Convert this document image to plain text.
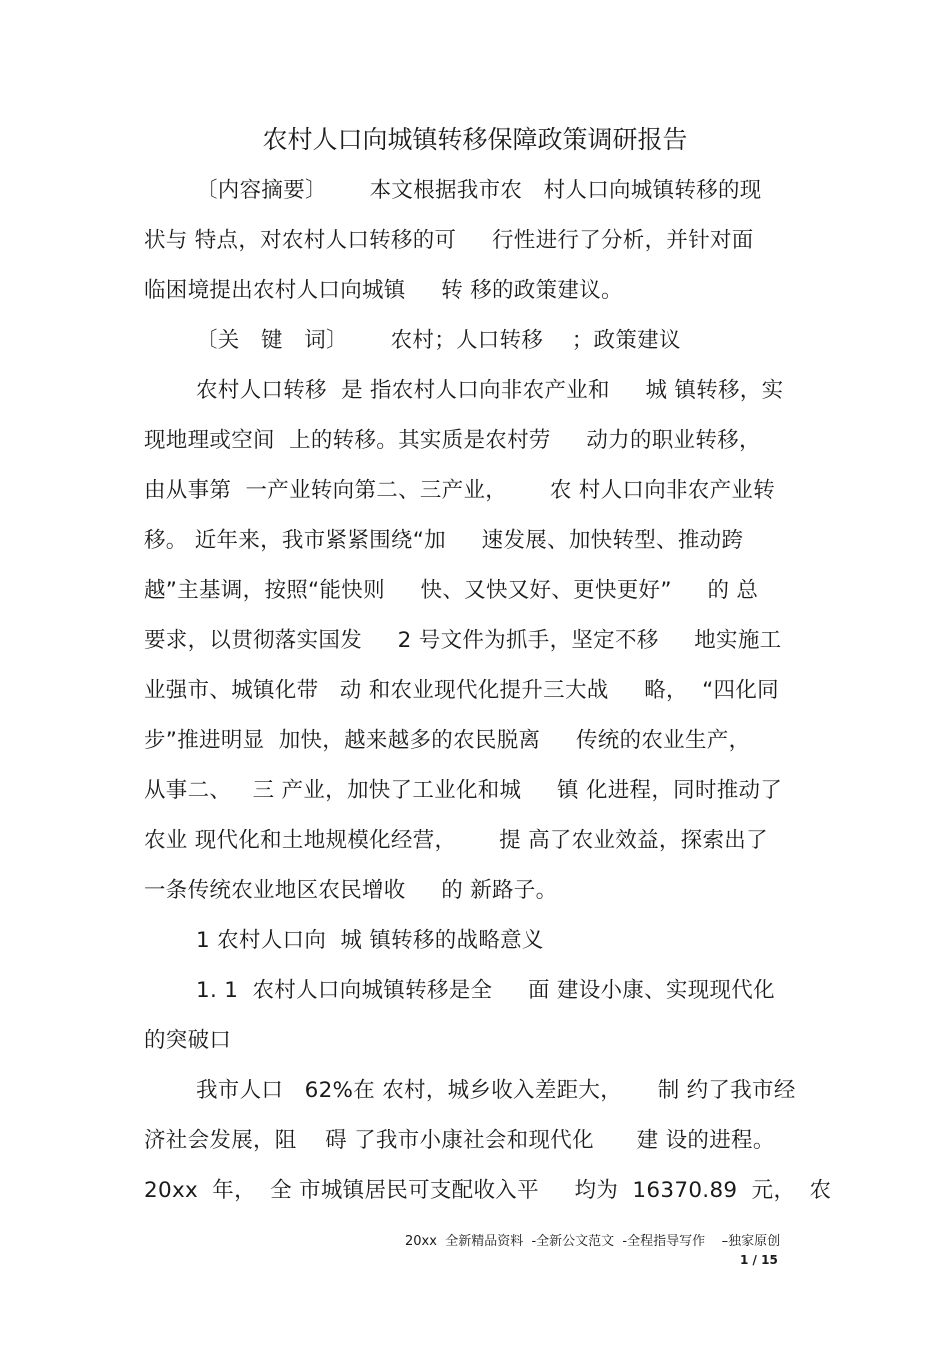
农村人口向城镇转移保障政策调研报告
〔内容摘要〕      本文根据我市农   村人口向城镇转移的现
状与 特点，对农村人口转移的可     行性进行了分析，并针对面
临困境提出农村人口向城镇     转 移的政策建议。
〔关   键   词〕      农村；人口转移    ；政策建议
农村人口转移  是 指农村人口向非农产业和     城 镇转移，实
现地理或空间  上的转移。其实质是农村劳     动力的职业转移，
由从事第  一产业转向第二、三产业，      农 村人口向非农产业转
移。 近年来，我市紧紧围绕“加     速发展、加快转型、推动跨
越”主基调，按照“能快则     快、又快又好、更快更好”     的 总
要求，以贯彻落实国发     2 号文件为抓手，坚定不移     地实施工
业强市、城镇化带   动 和农业现代化提升三大战     略，  “四化同
步”推进明显  加快，越来越多的农民脱离     传统的农业生产，
从事二、   三 产业，加快了工业化和城     镇 化进程，同时推动了
农业 现代化和土地规模化经营，      提 高了农业效益，探索出了
一条传统农业地区农民增收     的 新路子。
1 农村人口向  城 镇转移的战略意义
1. 1  农村人口向城镇转移是全     面 建设小康、实现现代化
的突破口
我市人口   62%在 农村，城乡收入差距大，     制 约了我市经
济社会发展，阻    碍 了我市小康社会和现代化      建 设的进程。
20xx  年，  全 市城镇居民可支配收入平     均为  16370.89  元，  农
20xx  全新精品资料  -全新公文范文  -全程指导写作    –独家原创
1 / 15
